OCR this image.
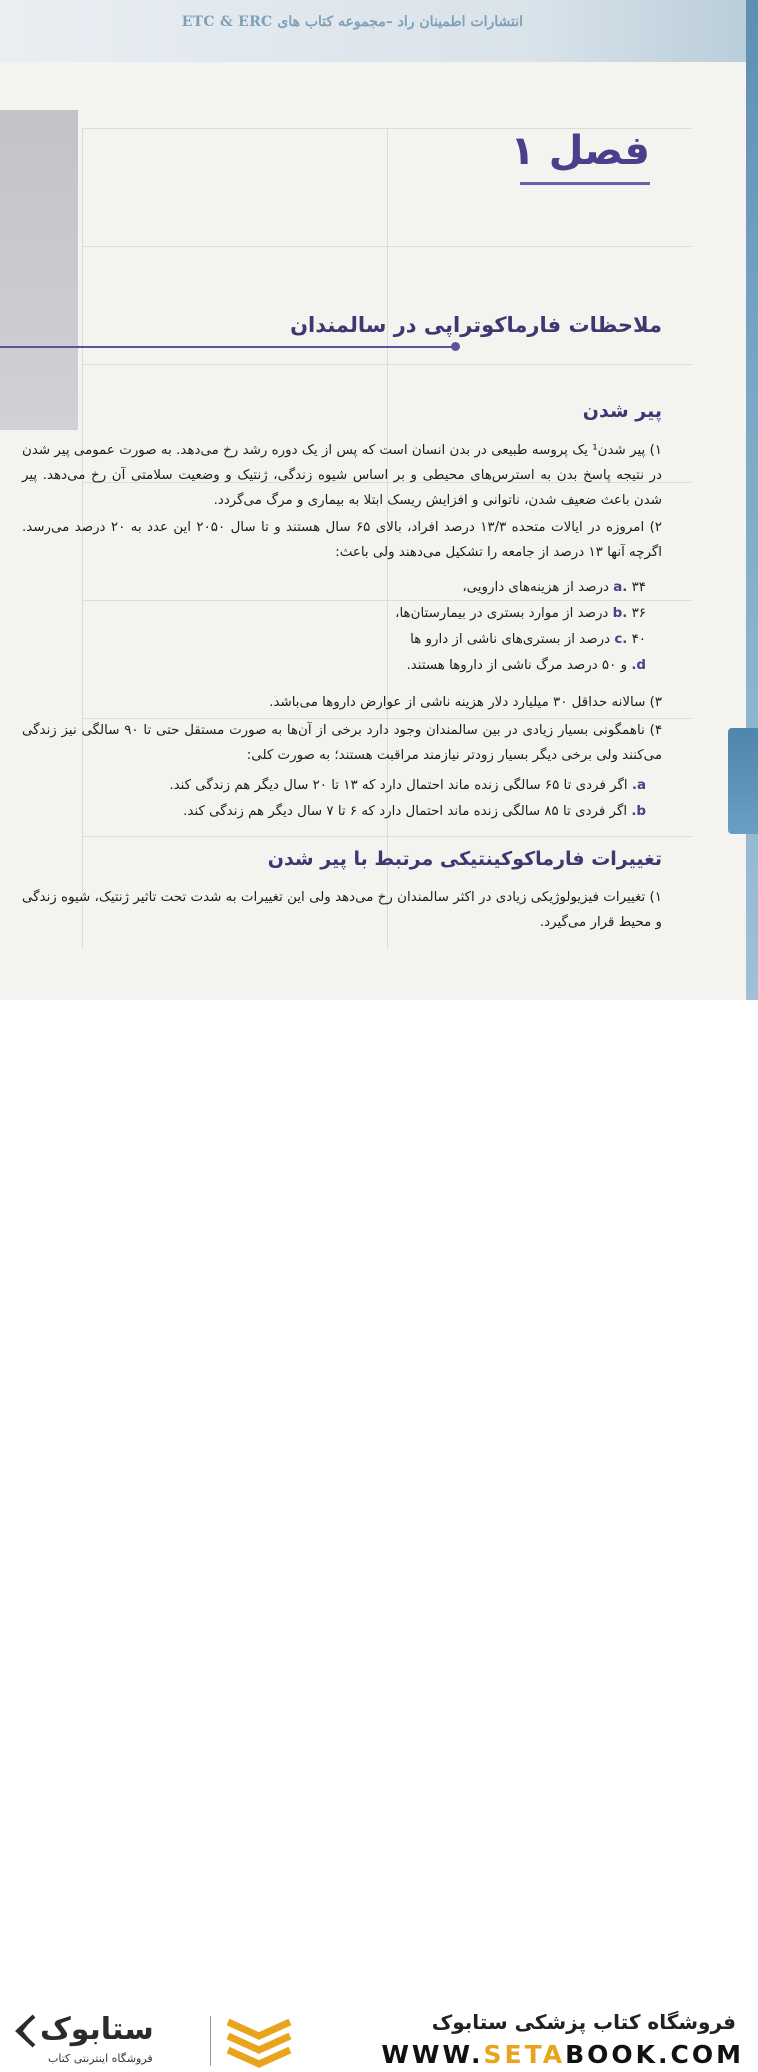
انتشارات اطمینان راد –مجموعه کتاب های ETC & ERC
فصل ۱
ملاحظات فارماکوتراپی در سالمندان
پیر شدن
۱) پیر شدن¹ یک پروسه طبیعی در بدن انسان است که پس از یک دوره رشد رخ می‌دهد. به صورت عمومی پیر شدن در نتیجه پاسخ بدن به استرس‌های محیطی و بر اساس شیوه زندگی، ژنتیک و وضعیت سلامتی آن رخ می‌دهد. پیر شدن باعث ضعیف شدن، ناتوانی و افزایش ریسک ابتلا به بیماری و مرگ می‌گردد.
۲) امروزه در ایالات متحده ۱۳/۳ درصد افراد، بالای ۶۵ سال هستند و تا سال ۲۰۵۰ این عدد به ۲۰ درصد می‌رسد. اگرچه آنها ۱۳ درصد از جامعه را تشکیل می‌دهند ولی باعث:
a. ۳۴ درصد از هزینه‌های دارویی،
b. ۳۶ درصد از موارد بستری در بیمارستان‌ها،
c. ۴۰ درصد از بستری‌های ناشی از دارو ها
d. و ۵۰ درصد مرگ ناشی از داروها هستند.
۳) سالانه حداقل ۳۰ میلیارد دلار هزینه ناشی از عوارض داروها می‌باشد.
۴) ناهمگونی بسیار زیادی در بین سالمندان وجود دارد برخی از آن‌ها به صورت مستقل حتی تا ۹۰ سالگی نیز زندگی می‌کنند ولی برخی دیگر بسیار زودتر نیازمند مراقبت هستند؛ به صورت کلی:
a. اگر فردی تا ۶۵ سالگی زنده ماند احتمال دارد که ۱۳ تا ۲۰ سال دیگر هم زندگی کند.
b. اگر فردی تا ۸۵ سالگی زنده ماند احتمال دارد که ۶ تا ۷ سال دیگر هم زندگی کند.
تغییرات فارماکوکینتیکی مرتبط با پیر شدن
۱) تغییرات فیزیولوژیکی زیادی در اکثر سالمندان رخ می‌دهد ولی این تغییرات به شدت تحت تاثیر ژنتیک، شیوه زندگی و محیط قرار می‌گیرد.
فروشگاه کتاب پزشکی ستابوک
WWW.SETABOOK.COM
ستابوک
فروشگاه اینترنتی کتاب
